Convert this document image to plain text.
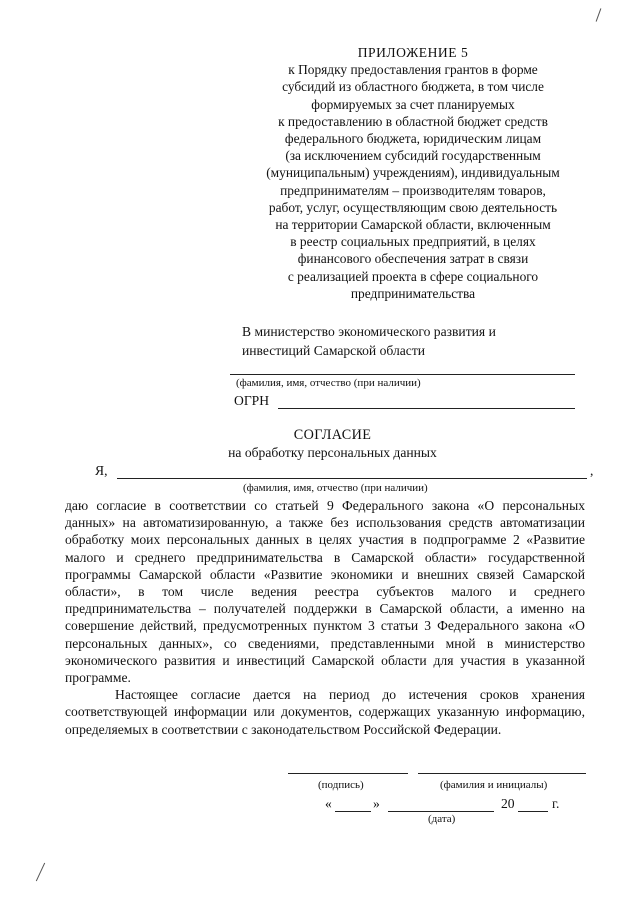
ПРИЛОЖЕНИЕ 5
к Порядку предоставления грантов в форме
субсидий из областного бюджета, в том числе
формируемых за счет планируемых
к предоставлению в областной бюджет средств
федерального бюджета, юридическим лицам
(за исключением субсидий государственным
(муниципальным) учреждениям), индивидуальным
предпринимателям – производителям товаров,
работ, услуг, осуществляющим свою деятельность
на территории Самарской области, включенным
в реестр социальных предприятий, в целях
финансового обеспечения затрат в связи
с реализацией проекта в сфере социального
предпринимательства
В министерство экономического развития и
инвестиций Самарской области
(фамилия, имя, отчество (при наличии)
ОГРН
СОГЛАСИЕ
на обработку персональных данных
Я,	,
(фамилия, имя, отчество (при наличии)

даю согласие в соответствии со статьей 9 Федерального закона «О персональных данных» на автоматизированную, а также без использования средств автоматизации обработку моих персональных данных в целях участия в подпрограмме 2 «Развитие малого и среднего предпринимательства в Самарской области» государственной программы Самарской области «Развитие экономики и внешних связей Самарской области», в том числе ведения реестра субъектов малого и среднего предпринимательства – получателей поддержки в Самарской области, а именно на совершение действий, предусмотренных пунктом 3 статьи 3 Федерального закона «О персональных данных», со сведениями, представленными мной в министерство экономического развития и инвестиций Самарской области для участия в указанной программе.

Настоящее согласие дается на период до истечения сроков хранения соответствующей информации или документов, содержащих указанную информацию, определяемых в соответствии с законодательством Российской Федерации.

(подпись)	(фамилия и инициалы)
«	»	20	г.
(дата)
